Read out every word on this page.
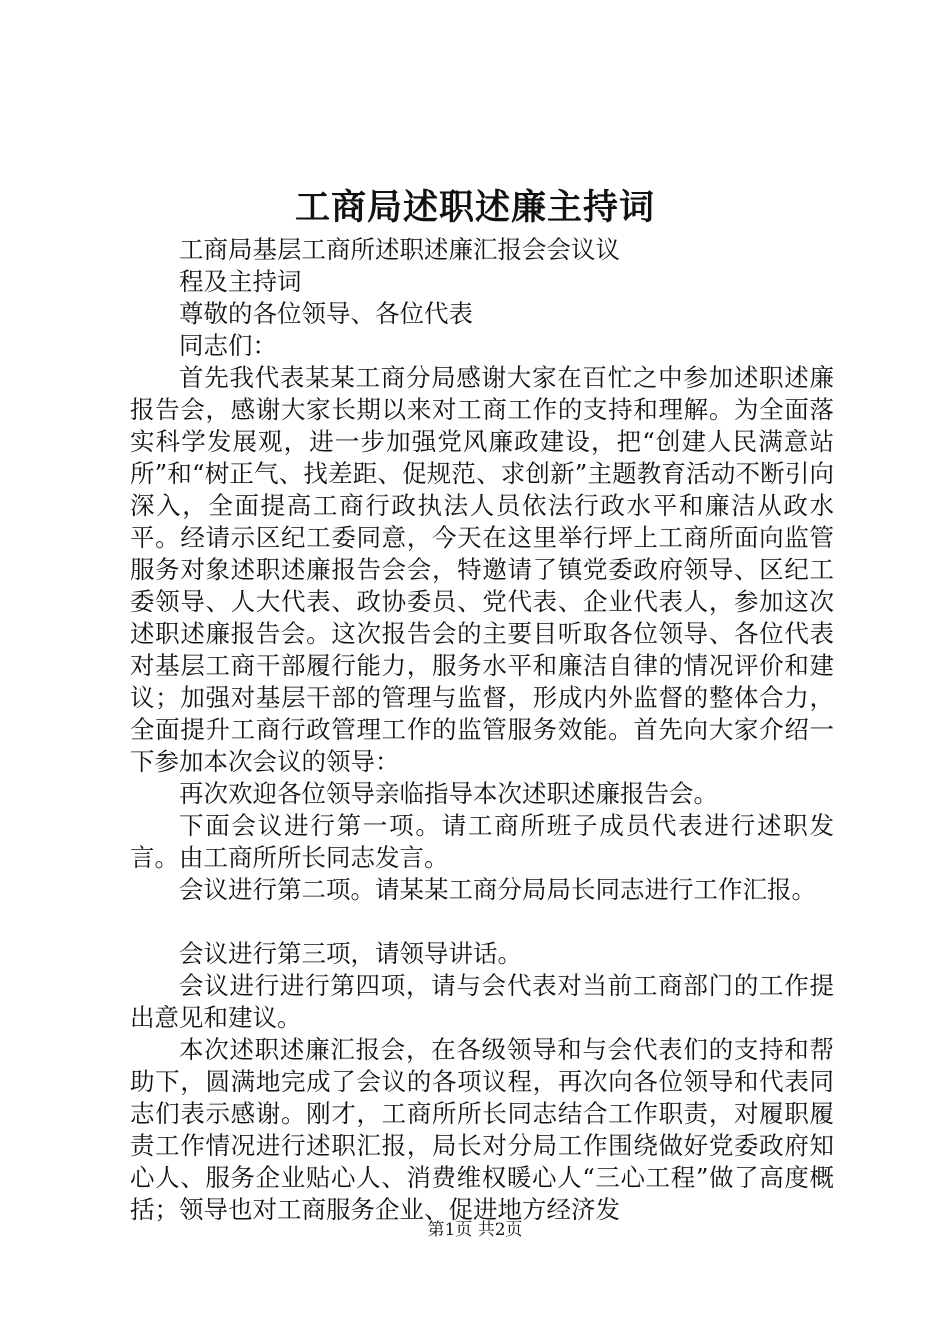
工商局述职述廉主持词

工商局基层工商所述职述廉汇报会会议议

程及主持词

尊敬的各位领导、各位代表

同志们：

首先我代表某某工商分局感谢大家在百忙之中参加述职述廉报告会，感谢大家长期以来对工商工作的支持和理解。为全面落实科学发展观，进一步加强党风廉政建设，把“创建人民满意站所”和“树正气、找差距、促规范、求创新”主题教育活动不断引向深入，全面提高工商行政执法人员依法行政水平和廉洁从政水平。经请示区纪工委同意，今天在这里举行坪上工商所面向监管服务对象述职述廉报告会会，特邀请了镇党委政府领导、区纪工委领导、人大代表、政协委员、党代表、企业代表人，参加这次述职述廉报告会。这次报告会的主要目听取各位领导、各位代表对基层工商干部履行能力，服务水平和廉洁自律的情况评价和建议；加强对基层干部的管理与监督，形成内外监督的整体合力，全面提升工商行政管理工作的监管服务效能。首先向大家介绍一下参加本次会议的领导：

再次欢迎各位领导亲临指导本次述职述廉报告会。

下面会议进行第一项。请工商所班子成员代表进行述职发言。由工商所所长同志发言。

会议进行第二项。请某某工商分局局长同志进行工作汇报。

会议进行第三项，请领导讲话。

会议进行进行第四项，请与会代表对当前工商部门的工作提出意见和建议。

本次述职述廉汇报会，在各级领导和与会代表们的支持和帮助下，圆满地完成了会议的各项议程，再次向各位领导和代表同志们表示感谢。刚才，工商所所长同志结合工作职责，对履职履责工作情况进行述职汇报，局长对分局工作围绕做好党委政府知心人、服务企业贴心人、消费维权暖心人“三心工程”做了高度概括；领导也对工商服务企业、促进地方经济发

第1页 共2页
